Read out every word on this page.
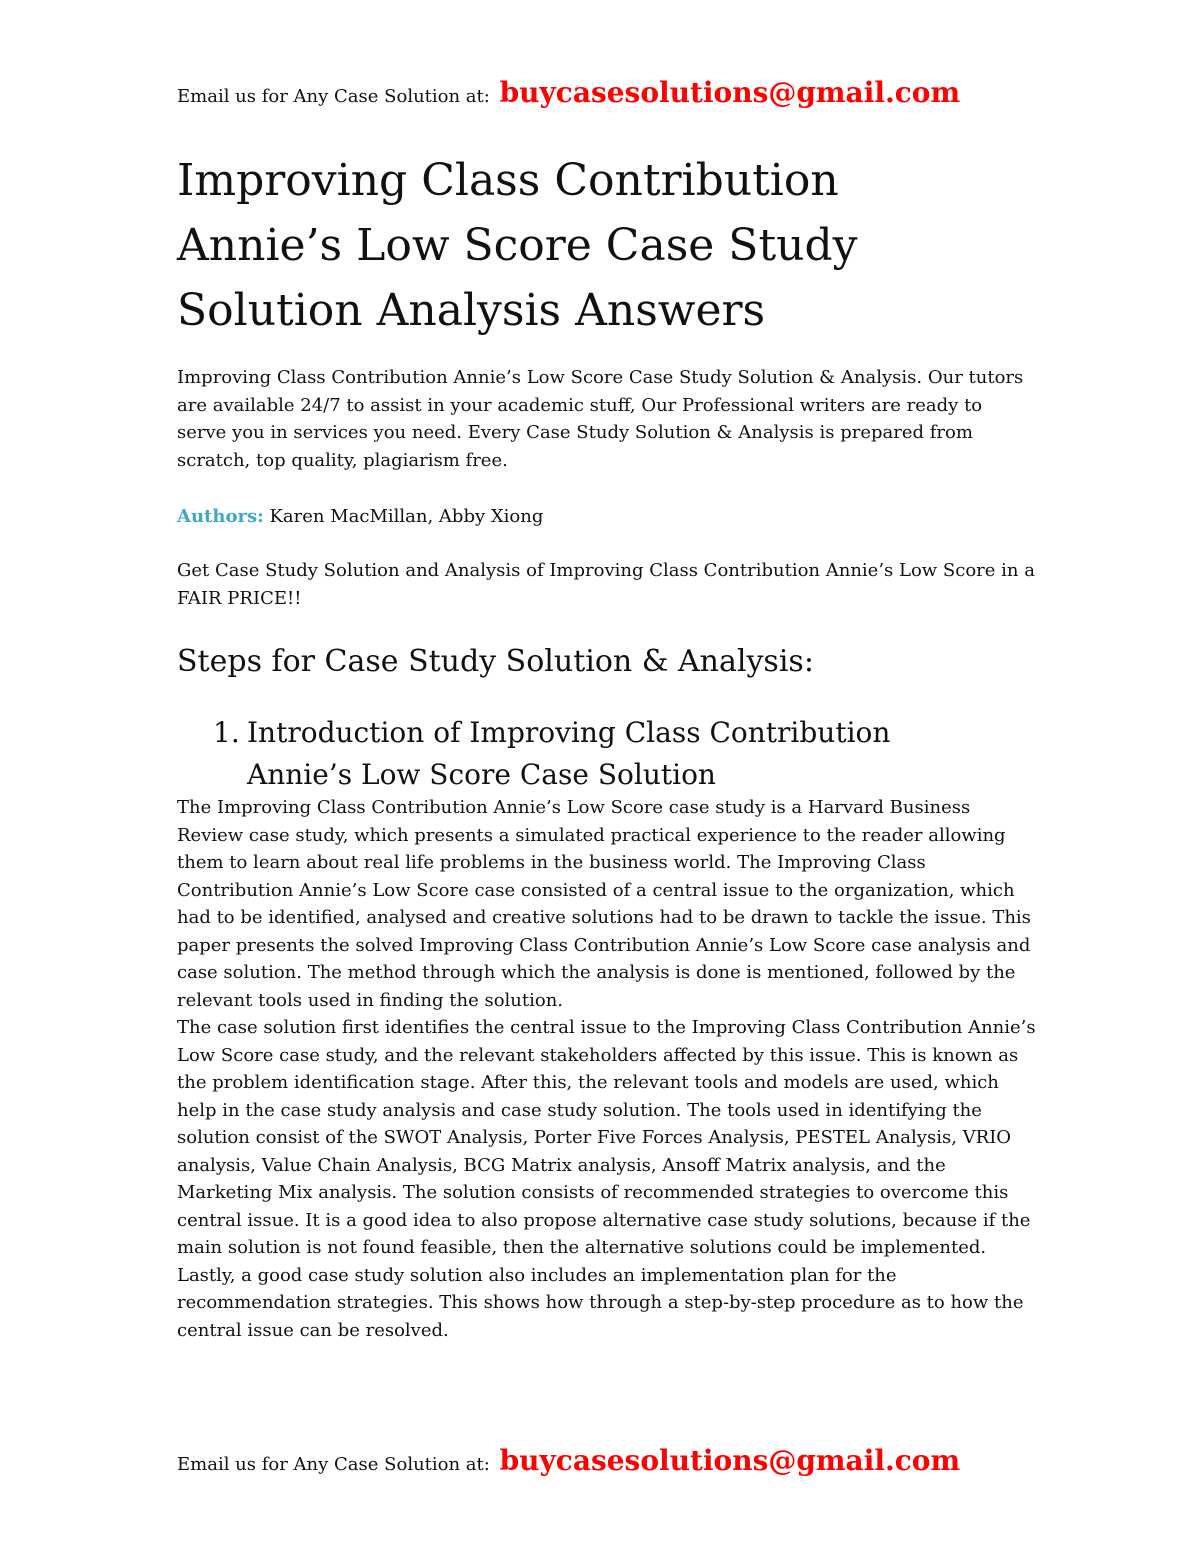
Email us for Any Case Solution at: buycasesolutions@gmail.com
Improving Class Contribution
Annie’s Low Score Case Study
Solution Analysis Answers

Improving Class Contribution Annie’s Low Score Case Study Solution & Analysis. Our tutors are available 24/7 to assist in your academic stuff, Our Professional writers are ready to serve you in services you need. Every Case Study Solution & Analysis is prepared from scratch, top quality, plagiarism free.

Authors: Karen MacMillan, Abby Xiong

Get Case Study Solution and Analysis of Improving Class Contribution Annie’s Low Score in a FAIR PRICE!!

Steps for Case Study Solution & Analysis:
1. Introduction of Improving Class Contribution
Annie’s Low Score Case Solution

The Improving Class Contribution Annie’s Low Score case study is a Harvard Business Review case study, which presents a simulated practical experience to the reader allowing them to learn about real life problems in the business world. The Improving Class Contribution Annie’s Low Score case consisted of a central issue to the organization, which had to be identified, analysed and creative solutions had to be drawn to tackle the issue. This paper presents the solved Improving Class Contribution Annie’s Low Score case analysis and case solution. The method through which the analysis is done is mentioned, followed by the relevant tools used in finding the solution.

The case solution first identifies the central issue to the Improving Class Contribution Annie’s Low Score case study, and the relevant stakeholders affected by this issue. This is known as the problem identification stage. After this, the relevant tools and models are used, which help in the case study analysis and case study solution. The tools used in identifying the solution consist of the SWOT Analysis, Porter Five Forces Analysis, PESTEL Analysis, VRIO analysis, Value Chain Analysis, BCG Matrix analysis, Ansoff Matrix analysis, and the Marketing Mix analysis. The solution consists of recommended strategies to overcome this central issue. It is a good idea to also propose alternative case study solutions, because if the main solution is not found feasible, then the alternative solutions could be implemented. Lastly, a good case study solution also includes an implementation plan for the recommendation strategies. This shows how through a step-by-step procedure as to how the central issue can be resolved.

Email us for Any Case Solution at: buycasesolutions@gmail.com
